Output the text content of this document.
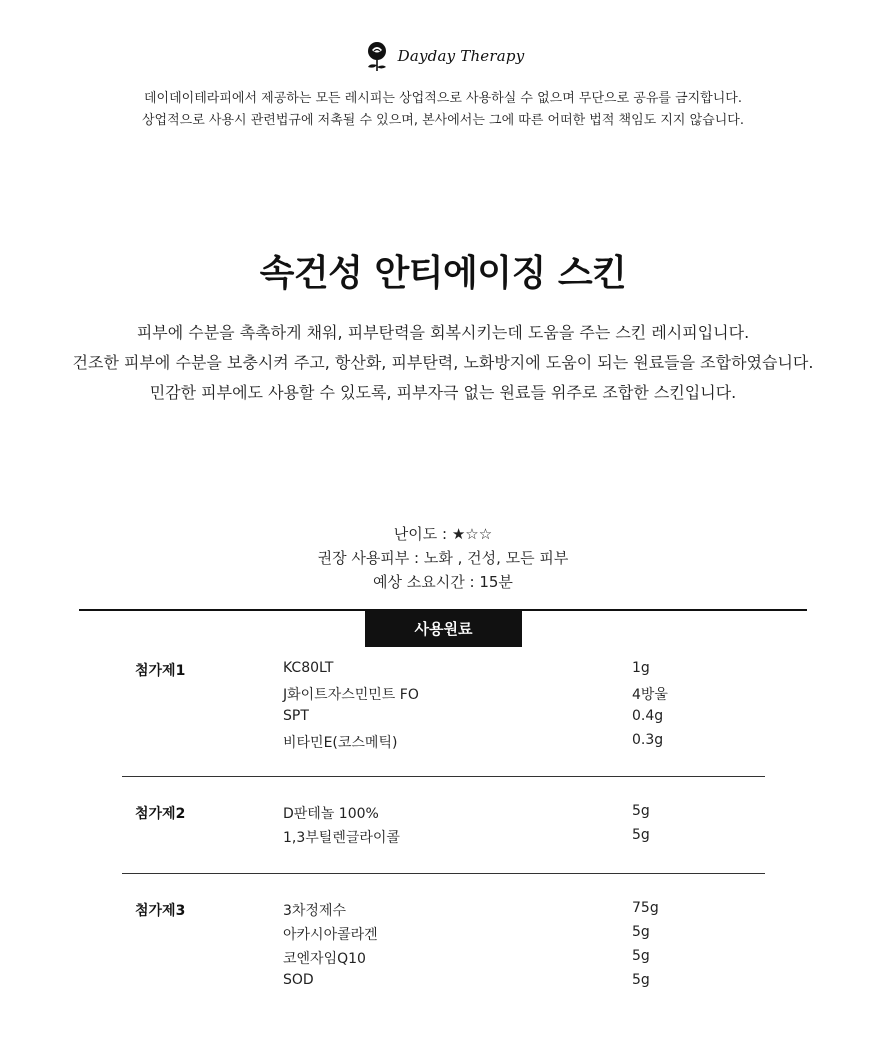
Dayday Therapy

데이데이테라피에서 제공하는 모든 레시피는 상업적으로 사용하실 수 없으며 무단으로 공유를 금지합니다.

상업적으로 사용시 관련법규에 저촉될 수 있으며, 본사에서는 그에 따른 어떠한 법적 책임도 지지 않습니다.

속건성 안티에이징 스킨

피부에 수분을 촉촉하게 채워, 피부탄력을 회복시키는데 도움을 주는 스킨 레시피입니다.

건조한 피부에 수분을 보충시켜 주고, 항산화, 피부탄력, 노화방지에 도움이 되는 원료들을 조합하였습니다.

민감한 피부에도 사용할 수 있도록, 피부자극 없는 원료들 위주로 조합한 스킨입니다.

난이도 : ★☆☆

권장 사용피부 : 노화 , 건성, 모든 피부

예상 소요시간 : 15분

사용원료
첨가제1	KC80LT	1g
J화이트자스민민트 FO	4방울
SPT	0.4g
비타민E(코스메틱)	0.3g
첨가제2	D판테놀 100%	5g
1,3부틸렌글라이콜	5g
첨가제3	3차정제수	75g
아카시아콜라겐	5g
코엔자임Q10	5g
SOD	5g
